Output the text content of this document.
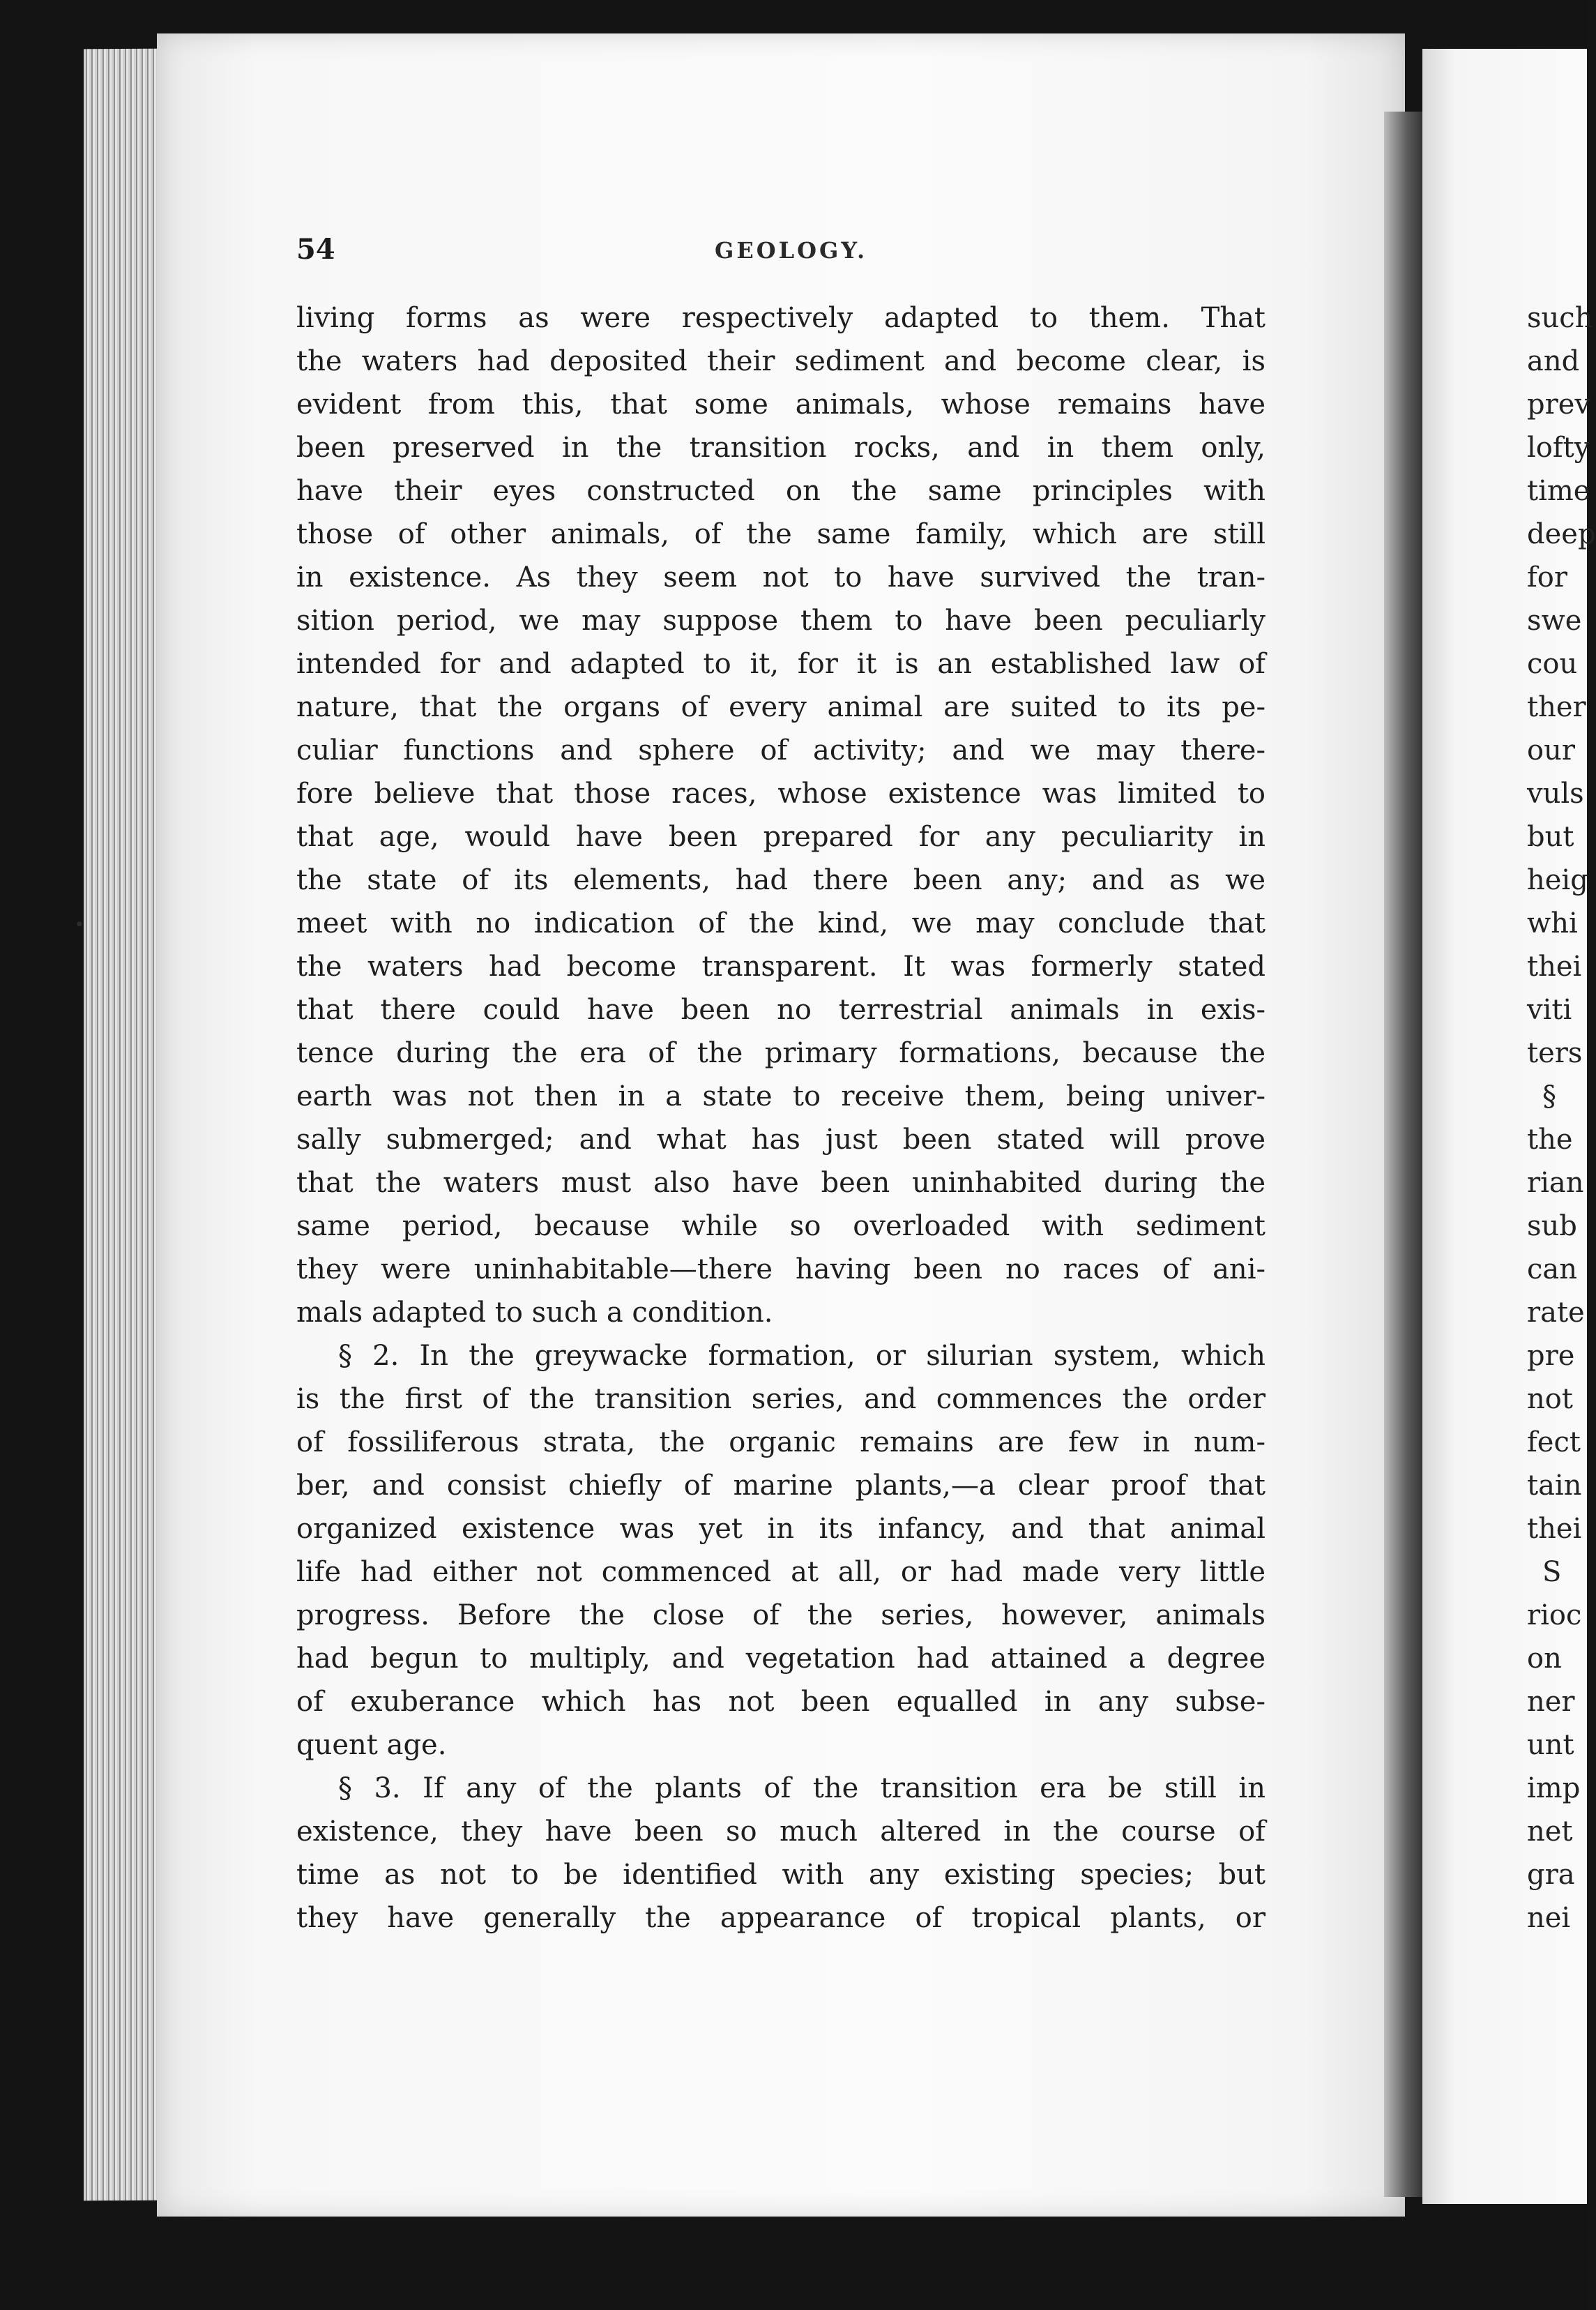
such
and
prev
lofty
time
deep
for
swe
cou
ther
our
vuls
but
heig
whi
thei
viti
ters
§
the
rian
sub
can
rate
pre
not
fect
tain
thei
S
rioc
on
ner
unt
imp
net
gra
nei
54	GEOLOGY.
living forms as were respectively adapted to them. That
the waters had deposited their sediment and become clear, is
evident from this, that some animals, whose remains have
been preserved in the transition rocks, and in them only,
have their eyes constructed on the same principles with
those of other animals, of the same family, which are still
in existence. As they seem not to have survived the tran-
sition period, we may suppose them to have been peculiarly
intended for and adapted to it, for it is an established law of
nature, that the organs of every animal are suited to its pe-
culiar functions and sphere of activity; and we may there-
fore believe that those races, whose existence was limited to
that age, would have been prepared for any peculiarity in
the state of its elements, had there been any; and as we
meet with no indication of the kind, we may conclude that
the waters had become transparent. It was formerly stated
that there could have been no terrestrial animals in exis-
tence during the era of the primary formations, because the
earth was not then in a state to receive them, being univer-
sally submerged; and what has just been stated will prove
that the waters must also have been uninhabited during the
same period, because while so overloaded with sediment
they were uninhabitable—there having been no races of ani-
mals adapted to such a condition.
§ 2. In the greywacke formation, or silurian system, which
is the first of the transition series, and commences the order
of fossiliferous strata, the organic remains are few in num-
ber, and consist chiefly of marine plants,—a clear proof that
organized existence was yet in its infancy, and that animal
life had either not commenced at all, or had made very little
progress. Before the close of the series, however, animals
had begun to multiply, and vegetation had attained a degree
of exuberance which has not been equalled in any subse-
quent age.
§ 3. If any of the plants of the transition era be still in
existence, they have been so much altered in the course of
time as not to be identified with any existing species; but
they have generally the appearance of tropical plants, or
